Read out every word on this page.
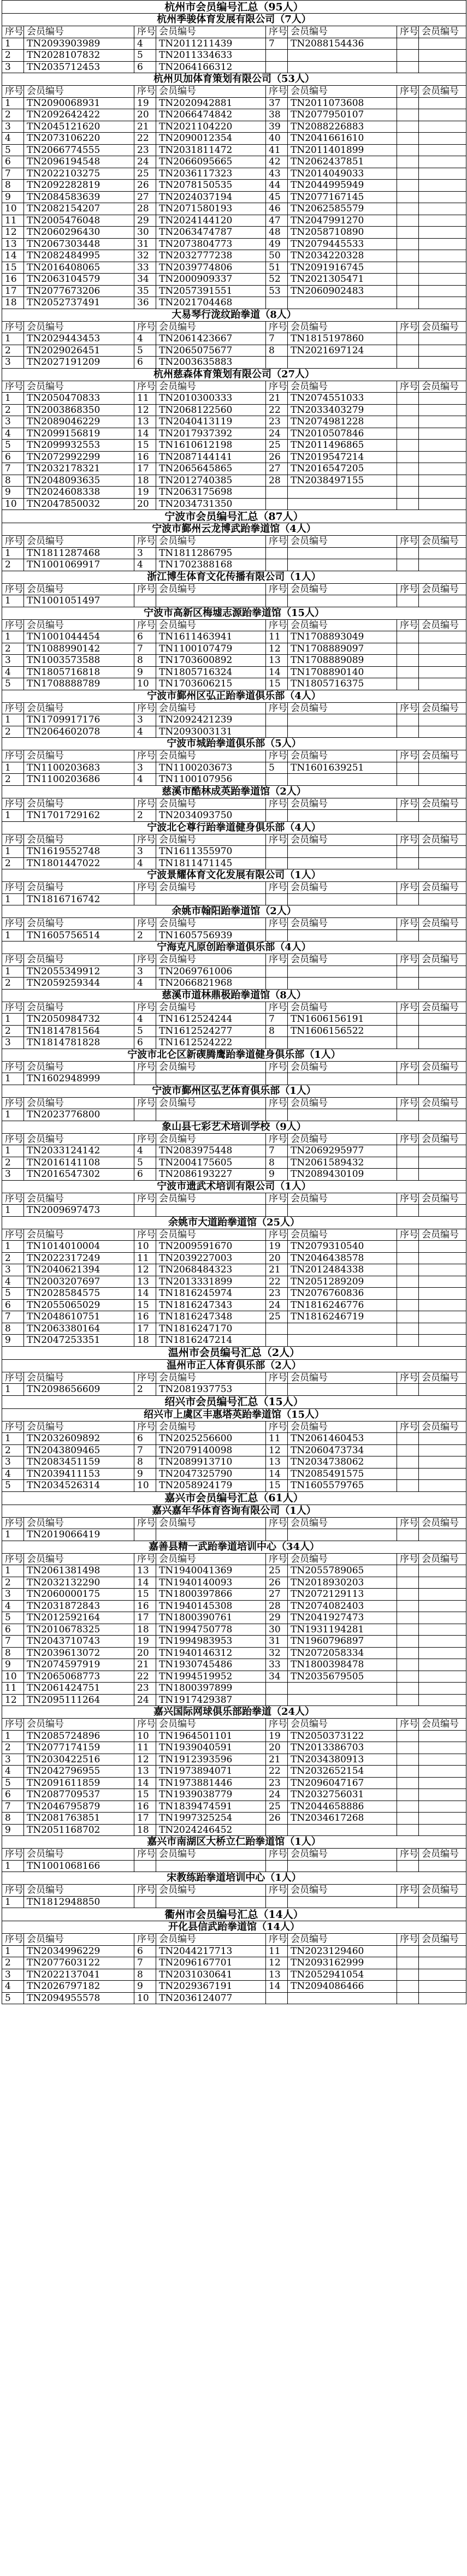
杭州市会员编号汇总（95人）							
杭州季骏体育发展有限公司（7人）							
序号	会员编号	序号	会员编号	序号	会员编号	序号	会员编号
1	TN2093903989	4	TN2011211439	7	TN2088154436		
2	TN2028107832	5	TN2011334633				
3	TN2035712453	6	TN2064166312				
杭州贝加体育策划有限公司（53人）							
序号	会员编号	序号	会员编号	序号	会员编号	序号	会员编号
1	TN2090068931	19	TN2020942881	37	TN2011073608		
2	TN2092642422	20	TN2066474842	38	TN2077950107		
3	TN2045121620	21	TN2021104220	39	TN2088226883		
4	TN2073106220	22	TN2090012354	40	TN2041661610		
5	TN2066774555	23	TN2031811472	41	TN2011401899		
6	TN2096194548	24	TN2066095665	42	TN2062437851		
7	TN2022103275	25	TN2036117323	43	TN2014049033		
8	TN2092282819	26	TN2078150535	44	TN2044995949		
9	TN2084583639	27	TN2024037194	45	TN2077167145		
10	TN2082154207	28	TN2071580193	46	TN2062585579		
11	TN2005476048	29	TN2024144120	47	TN2047991270		
12	TN2060296430	30	TN2063474787	48	TN2058710890		
13	TN2067303448	31	TN2073804773	49	TN2079445533		
14	TN2082484995	32	TN2032777238	50	TN2034220328		
15	TN2016408065	33	TN2039774806	51	TN2091916745		
16	TN2063104579	34	TN2000909337	52	TN2021305471		
17	TN2077673206	35	TN2057391551	53	TN2060902483		
18	TN2052737491	36	TN2021704468				
大易琴行泷纹跆拳道（8人）							
序号	会员编号	序号	会员编号	序号	会员编号	序号	会员编号
1	TN2029443453	4	TN2061423667	7	TN1815197860		
2	TN2029026451	5	TN2065075677	8	TN2021697124		
3	TN2027191209	6	TN2003635883				
杭州慈森体育策划有限公司（27人）							
序号	会员编号	序号	会员编号	序号	会员编号	序号	会员编号
1	TN2050470833	11	TN2010300333	21	TN2074551033		
2	TN2003868350	12	TN2068122560	22	TN2033403279		
3	TN2089046229	13	TN2040413119	23	TN2074981228		
4	TN2099156819	14	TN2017937392	24	TN2010507846		
5	TN2099932553	15	TN1610612198	25	TN2011496865		
6	TN2072992299	16	TN2087144141	26	TN2019547214		
7	TN2032178321	17	TN2065645865	27	TN2016547205		
8	TN2048093635	18	TN2012740385	28	TN2038497155		
9	TN2024608338	19	TN2063175698				
10	TN2047850032	20	TN2034731350				
宁波市会员编号汇总（87人）							
宁波市鄞州云龙博武跆拳道馆（4人）							
序号	会员编号	序号	会员编号	序号	会员编号	序号	会员编号
1	TN1811287468	3	TN1811286795				
2	TN1001069917	4	TN1702388168				
浙江博生体育文化传播有限公司（1人）							
序号	会员编号	序号	会员编号	序号	会员编号	序号	会员编号
1	TN1001051497						
宁波市高新区梅墟志源跆拳道馆（15人）							
序号	会员编号	序号	会员编号	序号	会员编号	序号	会员编号
1	TN1001044454	6	TN1611463941	11	TN1708893049		
2	TN1088990142	7	TN1100107479	12	TN1708889097		
3	TN1003573588	8	TN1703600892	13	TN1708889089		
4	TN1805716818	9	TN1805716324	14	TN1708890140		
5	TN1708888789	10	TN1703606215	15	TN1805716375		
宁波市鄞州区弘正跆拳道俱乐部（4人）							
序号	会员编号	序号	会员编号	序号	会员编号	序号	会员编号
1	TN1709917176	3	TN2092421239				
2	TN2064602078	4	TN2093003131				
宁波市城跆拳道俱乐部（5人）							
序号	会员编号	序号	会员编号	序号	会员编号	序号	会员编号
1	TN1100203683	3	TN1100203673	5	TN1601639251		
2	TN1100203686	4	TN1100107956				
慈溪市酷林成英跆拳道馆（2人）							
序号	会员编号	序号	会员编号	序号	会员编号	序号	会员编号
1	TN1701729162	2	TN2034093750				
宁波北仑尊行跆拳道健身俱乐部（4人）							
序号	会员编号	序号	会员编号	序号	会员编号	序号	会员编号
1	TN1619552748	3	TN1611355970				
2	TN1801447022	4	TN1811471145				
宁波景耀体育文化发展有限公司（1人）							
序号	会员编号	序号	会员编号	序号	会员编号	序号	会员编号
1	TN1816716742						
余姚市翰阳跆拳道馆（2人）							
序号	会员编号	序号	会员编号	序号	会员编号	序号	会员编号
1	TN1605756514	2	TN1605756939				
宁海克凡原创跆拳道俱乐部（4人）							
序号	会员编号	序号	会员编号	序号	会员编号	序号	会员编号
1	TN2055349912	3	TN2069761006				
2	TN2059259344	4	TN2066821968				
慈溪市道林鼎极跆拳道馆（8人）							
序号	会员编号	序号	会员编号	序号	会员编号	序号	会员编号
1	TN2050984732	4	TN1612524244	7	TN1606156191		
2	TN1814781564	5	TN1612524277	8	TN1606156522		
3	TN1814781828	6	TN1612524222				
宁波市北仑区新碶腾鹰跆拳道健身俱乐部（1人）							
序号	会员编号	序号	会员编号	序号	会员编号	序号	会员编号
1	TN1602948999						
宁波市鄞州区弘艺体育俱乐部（1人）							
序号	会员编号	序号	会员编号	序号	会员编号	序号	会员编号
1	TN2023776800						
象山县七彩艺术培训学校（9人）							
序号	会员编号	序号	会员编号	序号	会员编号	序号	会员编号
1	TN2033124142	4	TN2083975448	7	TN2069295977		
2	TN2016141108	5	TN2004175605	8	TN2061589432		
3	TN2016547302	6	TN2086193227	9	TN2089430109		
宁波市遗武术培训有限公司（1人）							
序号	会员编号	序号	会员编号	序号	会员编号	序号	会员编号
1	TN2009697473						
余姚市大道跆拳道馆（25人）							
序号	会员编号	序号	会员编号	序号	会员编号	序号	会员编号
1	TN1014010004	10	TN2009591670	19	TN2079310540		
2	TN2022317249	11	TN2039227003	20	TN2046438578		
3	TN2040621394	12	TN2068484323	21	TN2012484338		
4	TN2003207697	13	TN2013331899	22	TN2051289209		
5	TN2028584575	14	TN1816245974	23	TN2076760836		
6	TN2055065029	15	TN1816247343	24	TN1816246776		
7	TN2048610751	16	TN1816247348	25	TN1816246719		
8	TN2063380164	17	TN1816247170				
9	TN2047253351	18	TN1816247214				
温州市会员编号汇总（2人）							
温州市正人体育俱乐部（2人）							
序号	会员编号	序号	会员编号	序号	会员编号	序号	会员编号
1	TN2098656609	2	TN2081937753				
绍兴市会员编号汇总（15人）							
绍兴市上虞区丰惠塔英跆拳道馆（15人）							
序号	会员编号	序号	会员编号	序号	会员编号	序号	会员编号
1	TN2032609892	6	TN2025256600	11	TN2061460453		
2	TN2043809465	7	TN2079140098	12	TN2060473734		
3	TN2083451159	8	TN2089913710	13	TN2034738062		
4	TN2039411153	9	TN2047325790	14	TN2085491575		
5	TN2034526314	10	TN2058924179	15	TN1605579765		
嘉兴市会员编号汇总（61人）							
嘉兴嘉年华体育咨询有限公司（1人）							
序号	会员编号	序号	会员编号	序号	会员编号	序号	会员编号
1	TN2019066419						
嘉善县精一武跆拳道培训中心（34人）							
序号	会员编号	序号	会员编号	序号	会员编号	序号	会员编号
1	TN2061381498	13	TN1940041369	25	TN2055789065		
2	TN2032132290	14	TN1940140093	26	TN2018930203		
3	TN2060000175	15	TN1800397866	27	TN2072129113		
4	TN2031872843	16	TN1940145308	28	TN2074082403		
5	TN2012592164	17	TN1800390761	29	TN2041927473		
6	TN2010678325	18	TN1994750778	30	TN1931194281		
7	TN2043710743	19	TN1994983953	31	TN1960796897		
8	TN2039613072	20	TN1940146312	32	TN2072058334		
9	TN2074597919	21	TN1930745486	33	TN1800398478		
10	TN2065068773	22	TN1994519952	34	TN2035679505		
11	TN2061424751	23	TN1800397899				
12	TN2095111264	24	TN1917429387				
嘉兴国际网球俱乐部跆拳道（24人）							
序号	会员编号	序号	会员编号	序号	会员编号	序号	会员编号
1	TN2085724896	10	TN1964501101	19	TN2050373122		
2	TN2077174159	11	TN1939040591	20	TN2013386703		
3	TN2030422516	12	TN1912393596	21	TN2034380913		
4	TN2042796955	13	TN1973894071	22	TN2032652154		
5	TN2091611859	14	TN1973881446	23	TN2096047167		
6	TN2087709537	15	TN1939038779	24	TN2032756031		
7	TN2046795879	16	TN1839474591	25	TN2044658886		
8	TN2081763851	17	TN1997325254	26	TN2034617268		
9	TN2051168702	18	TN2024246452				
嘉兴市南湖区大桥立仁跆拳道馆（1人）							
序号	会员编号	序号	会员编号	序号	会员编号	序号	会员编号
1	TN1001068166						
宋教练跆拳道培训中心（1人）							
序号	会员编号	序号	会员编号	序号	会员编号	序号	会员编号
1	TN1812948850						
衢州市会员编号汇总（14人）							
开化县信武跆拳道馆（14人）							
序号	会员编号	序号	会员编号	序号	会员编号	序号	会员编号
1	TN2034996229	6	TN2044217713	11	TN2023129460		
2	TN2077603122	7	TN2096167701	12	TN2093162999		
3	TN2022137041	8	TN2031030641	13	TN2052941054		
4	TN2026797182	9	TN2029367191	14	TN2094086466		
5	TN2094955578	10	TN2036124077				
